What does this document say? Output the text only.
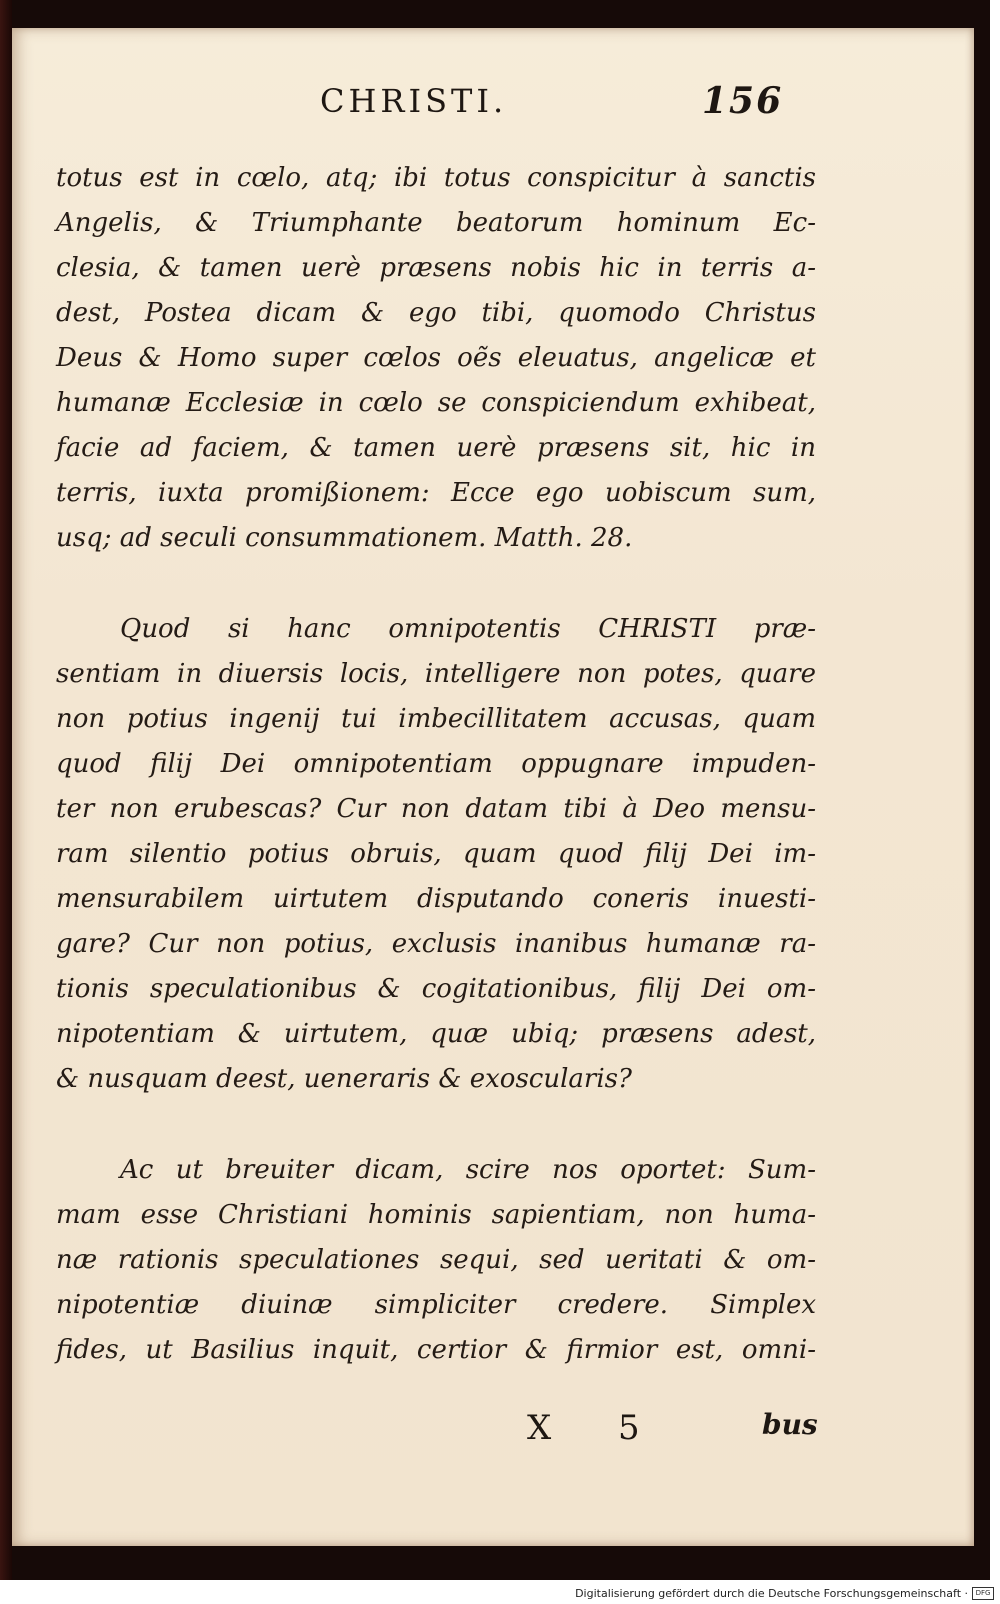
CHRISTI.	156
totus est in cœlo, atq; ibi totus conspicitur à sanctis
Angelis, & Triumphante beatorum hominum Ec-
clesia, & tamen uerè præsens nobis hic in terris a-
dest, Postea dicam & ego tibi, quomodo Christus
Deus & Homo super cœlos oẽs eleuatus, angelicæ et
humanæ Ecclesiæ in cœlo se conspiciendum exhibeat,
facie ad faciem, & tamen uerè præsens sit, hic in
terris, iuxta promißionem: Ecce ego uobiscum sum,
usq; ad seculi consummationem. Matth. 28.
Quod si hanc omnipotentis CHRISTI præ-
sentiam in diuersis locis, intelligere non potes, quare
non potius ingenij tui imbecillitatem accusas, quam
quod filij Dei omnipotentiam oppugnare impuden-
ter non erubescas? Cur non datam tibi à Deo mensu-
ram silentio potius obruis, quam quod filij Dei im-
mensurabilem uirtutem disputando coneris inuesti-
gare? Cur non potius, exclusis inanibus humanæ ra-
tionis speculationibus & cogitationibus, filij Dei om-
nipotentiam & uirtutem, quæ ubiq; præsens adest,
& nusquam deest, ueneraris & exoscularis?
Ac ut breuiter dicam, scire nos oportet: Sum-
mam esse Christiani hominis sapientiam, non huma-
næ rationis speculationes sequi, sed ueritati & om-
nipotentiæ diuinæ simpliciter credere. Simplex
fides, ut Basilius inquit, certior & firmior est, omni-
X 5	bus
Digitalisierung gefördert durch die Deutsche Forschungsgemeinschaft ·	DFG
